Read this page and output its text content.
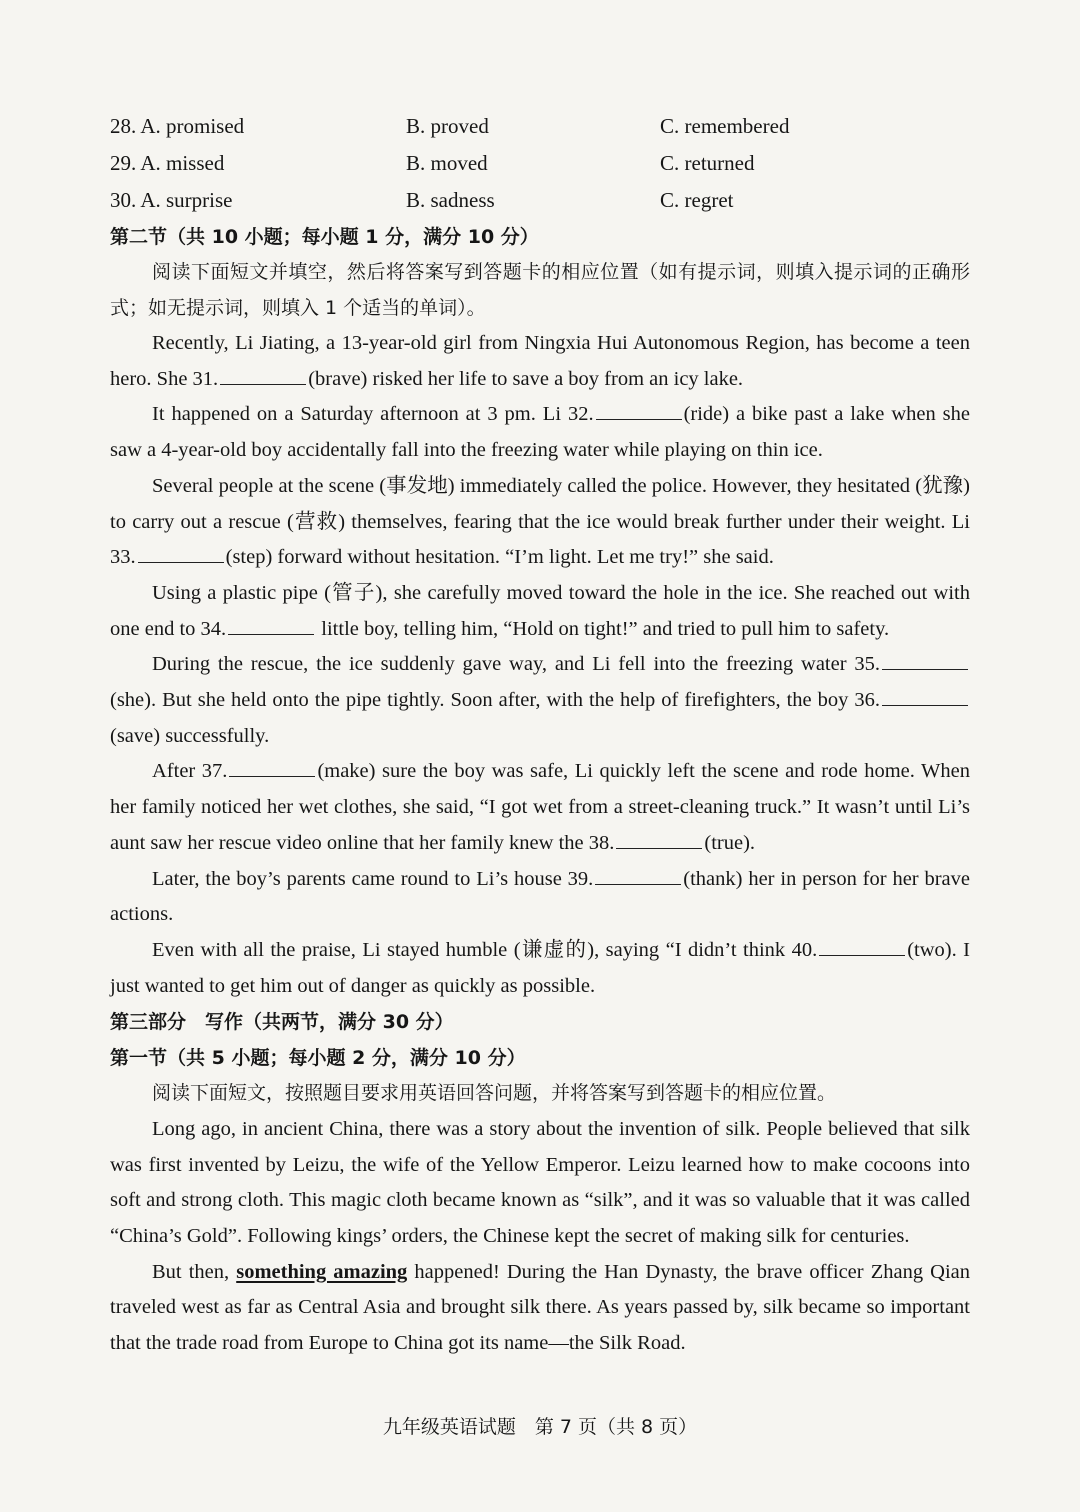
28. A. promised	B. proved	C. remembered
29. A. missed	B. moved	C. returned
30. A. surprise	B. sadness	C. regret
第二节（共 10 小题；每小题 1 分，满分 10 分）

阅读下面短文并填空，然后将答案写到答题卡的相应位置（如有提示词，则填入提示词的正确形式；如无提示词，则填入 1 个适当的单词）。

Recently, Li Jiating, a 13-year-old girl from Ningxia Hui Autonomous Region, has become a teen hero. She 31.	(brave) risked her life to save a boy from an icy lake.

It happened on a Saturday afternoon at 3 pm. Li 32.	(ride) a bike past a lake when she saw a 4-year-old boy accidentally fall into the freezing water while playing on thin ice.

Several people at the scene (事发地) immediately called the police. However, they hesitated (犹豫) to carry out a rescue (营救) themselves, fearing that the ice would break further under their weight. Li 33.	(step) forward without hesitation. “I’m light. Let me try!” she said.

Using a plastic pipe (管子), she carefully moved toward the hole in the ice. She reached out with one end to 34.	little boy, telling him, “Hold on tight!” and tried to pull him to safety.

During the rescue, the ice suddenly gave way, and Li fell into the freezing water 35.(she). But she held onto the pipe tightly. Soon after, with the help of firefighters, the boy 36.(save) successfully.

After 37.	(make) sure the boy was safe, Li quickly left the scene and rode home. When her family noticed her wet clothes, she said, “I got wet from a street-cleaning truck.” It wasn’t until Li’s aunt saw her rescue video online that her family knew the 38.	(true).

Later, the boy’s parents came round to Li’s house 39.	(thank) her in person for her brave actions.

Even with all the praise, Li stayed humble (谦虚的), saying “I didn’t think 40.	(two). I just wanted to get him out of danger as quickly as possible.

第三部分　写作（共两节，满分 30 分）
第一节（共 5 小题；每小题 2 分，满分 10 分）

阅读下面短文，按照题目要求用英语回答问题，并将答案写到答题卡的相应位置。

Long ago, in ancient China, there was a story about the invention of silk. People believed that silk was first invented by Leizu, the wife of the Yellow Emperor. Leizu learned how to make cocoons into soft and strong cloth. This magic cloth became known as “silk”, and it was so valuable that it was called “China’s Gold”. Following kings’ orders, the Chinese kept the secret of making silk for centuries.

But then, something amazing happened! During the Han Dynasty, the brave officer Zhang Qian traveled west as far as Central Asia and brought silk there. As years passed by, silk became so important that the trade road from Europe to China got its name—the Silk Road.

九年级英语试题　第 7 页（共 8 页）
